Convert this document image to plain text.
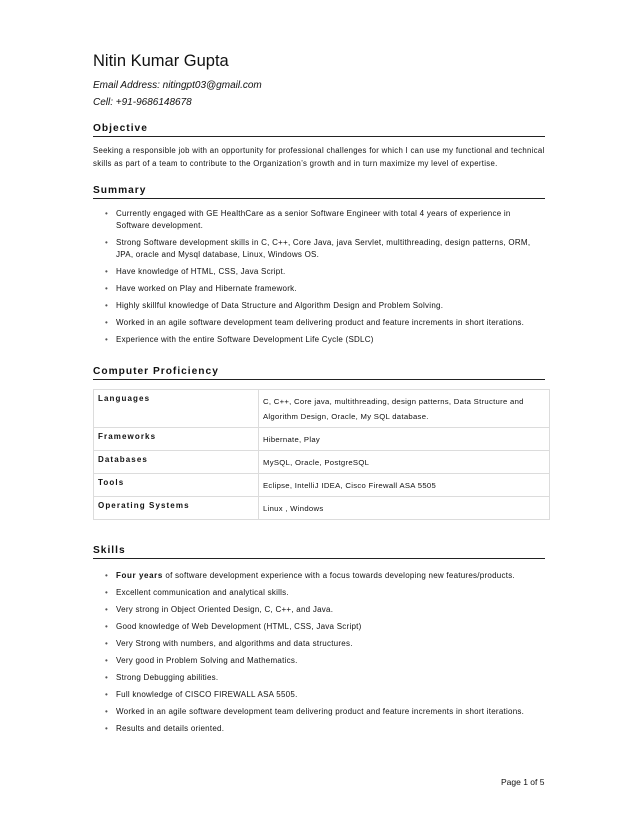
Nitin Kumar Gupta

Email Address: nitingpt03@gmail.com

Cell: +91-9686148678

Objective

Seeking a responsible job with an opportunity for professional challenges for which I can use my functional and technical skills as part of a team to contribute to the Organization’s growth and in turn maximize my level of expertise.

Summary
• Currently engaged with GE HealthCare as a senior Software Engineer with total 4 years of experience in Software development.
• Strong Software development skills in C, C++, Core Java, java Servlet, multithreading, design patterns, ORM, JPA, oracle and Mysql database, Linux, Windows OS.
• Have knowledge of HTML, CSS, Java Script.
• Have worked on Play and Hibernate framework.
• Highly skillful knowledge of Data Structure and Algorithm Design and Problem Solving.
• Worked in an agile software development team delivering product and feature increments in short iterations.
• Experience with the entire Software Development Life Cycle (SDLC)
Computer Proficiency
Languages	C, C++, Core java, multithreading, design patterns, Data Structure and Algorithm Design, Oracle, My SQL database.
Frameworks	Hibernate, Play
Databases	MySQL, Oracle, PostgreSQL
Tools	Eclipse, IntelliJ IDEA, Cisco Firewall ASA 5505
Operating Systems	Linux , Windows
Skills
• Four years of software development experience with a focus towards developing new features/products.
• Excellent communication and analytical skills.
• Very strong in Object Oriented Design, C, C++, and Java.
• Good knowledge of Web Development (HTML, CSS, Java Script)
• Very Strong with numbers, and algorithms and data structures.
• Very good in Problem Solving and Mathematics.
• Strong Debugging abilities.
• Full knowledge of CISCO FIREWALL ASA 5505.
• Worked in an agile software development team delivering product and feature increments in short iterations.
• Results and details oriented.
Page 1 of 5
